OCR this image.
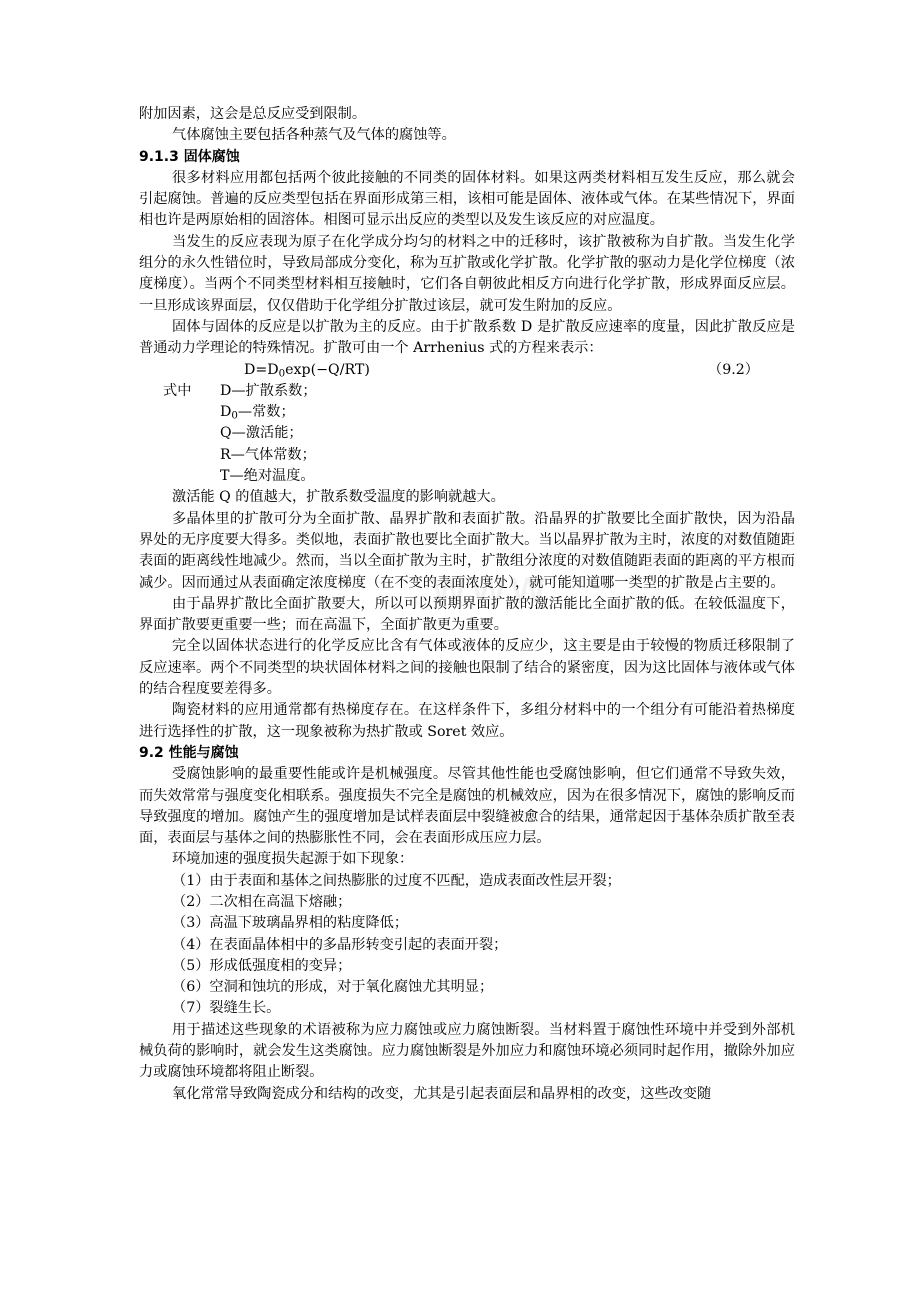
www.

附加因素，这会是总反应受到限制。

气体腐蚀主要包括各种蒸气及气体的腐蚀等。

9.1.3 固体腐蚀

很多材料应用都包括两个彼此接触的不同类的固体材料。如果这两类材料相互发生反应，那么就会引起腐蚀。普遍的反应类型包括在界面形成第三相，该相可能是固体、液体或气体。在某些情况下，界面相也许是两原始相的固溶体。相图可显示出反应的类型以及发生该反应的对应温度。

当发生的反应表现为原子在化学成分均匀的材料之中的迁移时，该扩散被称为自扩散。当发生化学组分的永久性错位时，导致局部成分变化，称为互扩散或化学扩散。化学扩散的驱动力是化学位梯度（浓度梯度）。当两个不同类型材料相互接触时，它们各自朝彼此相反方向进行化学扩散，形成界面反应层。一旦形成该界面层，仅仅借助于化学组分扩散过该层，就可发生附加的反应。

固体与固体的反应是以扩散为主的反应。由于扩散系数 D 是扩散反应速率的度量，因此扩散反应是普通动力学理论的特殊情况。扩散可由一个 Arrhenius 式的方程来表示：

$D=D_0\exp(-Q/RT)$	（9.2）
式中 D—扩散系数；
$D_0—$常数；
Q—激活能；
R—气体常数；
T—绝对温度。

激活能 Q 的值越大，扩散系数受温度的影响就越大。

多晶体里的扩散可分为全面扩散、晶界扩散和表面扩散。沿晶界的扩散要比全面扩散快，因为沿晶界处的无序度要大得多。类似地，表面扩散也要比全面扩散大。当以晶界扩散为主时，浓度的对数值随距表面的距离线性地减少。然而，当以全面扩散为主时，扩散组分浓度的对数值随距表面的距离的平方根而减少。因而通过从表面确定浓度梯度（在不变的表面浓度处），就可能知道哪一类型的扩散是占主要的。

由于晶界扩散比全面扩散要大，所以可以预期界面扩散的激活能比全面扩散的低。在较低温度下，界面扩散要更重要一些；而在高温下，全面扩散更为重要。

完全以固体状态进行的化学反应比含有气体或液体的反应少，这主要是由于较慢的物质迁移限制了反应速率。两个不同类型的块状固体材料之间的接触也限制了结合的紧密度，因为这比固体与液体或气体的结合程度要差得多。

陶瓷材料的应用通常都有热梯度存在。在这样条件下，多组分材料中的一个组分有可能沿着热梯度进行选择性的扩散，这一现象被称为热扩散或 Soret 效应。

9.2 性能与腐蚀

受腐蚀影响的最重要性能或许是机械强度。尽管其他性能也受腐蚀影响，但它们通常不导致失效，而失效常常与强度变化相联系。强度损失不完全是腐蚀的机械效应，因为在很多情况下，腐蚀的影响反而导致强度的增加。腐蚀产生的强度增加是试样表面层中裂缝被愈合的结果，通常起因于基体杂质扩散至表面，表面层与基体之间的热膨胀性不同，会在表面形成压应力层。

环境加速的强度损失起源于如下现象：

（1）由于表面和基体之间热膨胀的过度不匹配，造成表面改性层开裂；

（2）二次相在高温下熔融；

（3）高温下玻璃晶界相的粘度降低；

（4）在表面晶体相中的多晶形转变引起的表面开裂；

（5）形成低强度相的变异；

（6）空洞和蚀坑的形成，对于氧化腐蚀尤其明显；

（7）裂缝生长。

用于描述这些现象的术语被称为应力腐蚀或应力腐蚀断裂。当材料置于腐蚀性环境中并受到外部机械负荷的影响时，就会发生这类腐蚀。应力腐蚀断裂是外加应力和腐蚀环境必须同时起作用，撤除外加应力或腐蚀环境都将阻止断裂。

氧化常常导致陶瓷成分和结构的改变，尤其是引起表面层和晶界相的改变，这些改变随
